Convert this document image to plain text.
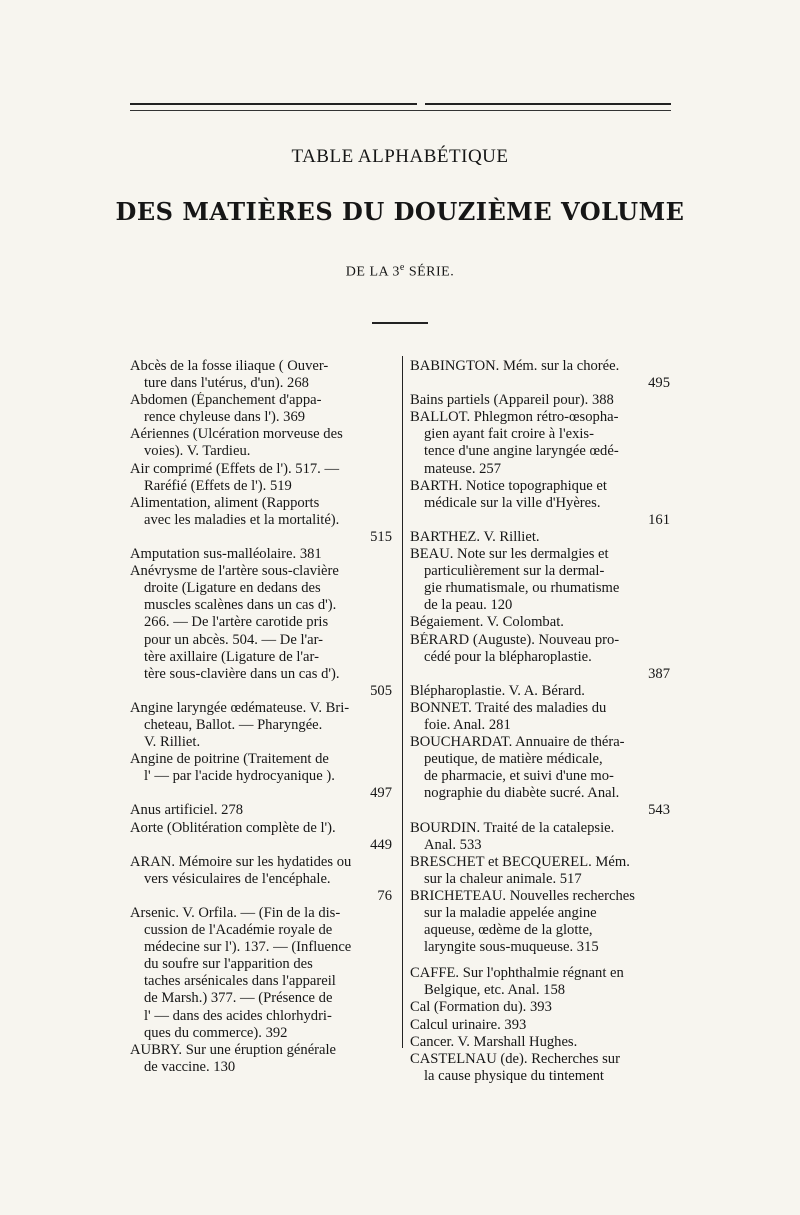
TABLE ALPHABÉTIQUE
DES MATIÈRES DU DOUZIÈME VOLUME
DE LA 3e SÉRIE.
Abcès de la fosse iliaque ( Ouver-
ture dans l'utérus, d'un). 268
Abdomen (Épanchement d'appa-
rence chyleuse dans l'). 369
Aériennes (Ulcération morveuse des
voies). V. Tardieu.
Air comprimé (Effets de l'). 517. —
Raréfié (Effets de l'). 519
Alimentation, aliment (Rapports
avec les maladies et la mortalité).
515
Amputation sus-malléolaire. 381
Anévrysme de l'artère sous-clavière
droite (Ligature en dedans des
muscles scalènes dans un cas d').
266. — De l'artère carotide pris
pour un abcès. 504. — De l'ar-
tère axillaire (Ligature de l'ar-
tère sous-clavière dans un cas d').
505
Angine laryngée œdémateuse. V. Bri-
cheteau, Ballot. — Pharyngée.
V. Rilliet.
Angine de poitrine (Traitement de
l' — par l'acide hydrocyanique ).
497
Anus artificiel. 278
Aorte (Oblitération complète de l').
449
ARAN. Mémoire sur les hydatides ou
vers vésiculaires de l'encéphale.
76
Arsenic. V. Orfila. — (Fin de la dis-
cussion de l'Académie royale de
médecine sur l'). 137. — (Influence
du soufre sur l'apparition des
taches arsénicales dans l'appareil
de Marsh.) 377. — (Présence de
l' — dans des acides chlorhydri-
ques du commerce). 392
AUBRY. Sur une éruption générale
de vaccine. 130
BABINGTON. Mém. sur la chorée.
495
Bains partiels (Appareil pour). 388
BALLOT. Phlegmon rétro-œsopha-
gien ayant fait croire à l'exis-
tence d'une angine laryngée œdé-
mateuse. 257
BARTH. Notice topographique et
médicale sur la ville d'Hyères.
161
BARTHEZ. V. Rilliet.
BEAU. Note sur les dermalgies et
particulièrement sur la dermal-
gie rhumatismale, ou rhumatisme
de la peau. 120
Bégaiement. V. Colombat.
BÉRARD (Auguste). Nouveau pro-
cédé pour la blépharoplastie.
387
Blépharoplastie. V. A. Bérard.
BONNET. Traité des maladies du
foie. Anal. 281
BOUCHARDAT. Annuaire de théra-
peutique, de matière médicale,
de pharmacie, et suivi d'une mo-
nographie du diabète sucré. Anal.
543
BOURDIN. Traité de la catalepsie.
Anal. 533
BRESCHET et BECQUEREL. Mém.
sur la chaleur animale. 517
BRICHETEAU. Nouvelles recherches
sur la maladie appelée angine
aqueuse, œdème de la glotte,
laryngite sous-muqueuse. 315
CAFFE. Sur l'ophthalmie régnant en
Belgique, etc. Anal. 158
Cal (Formation du). 393
Calcul urinaire. 393
Cancer. V. Marshall Hughes.
CASTELNAU (de). Recherches sur
la cause physique du tintement
